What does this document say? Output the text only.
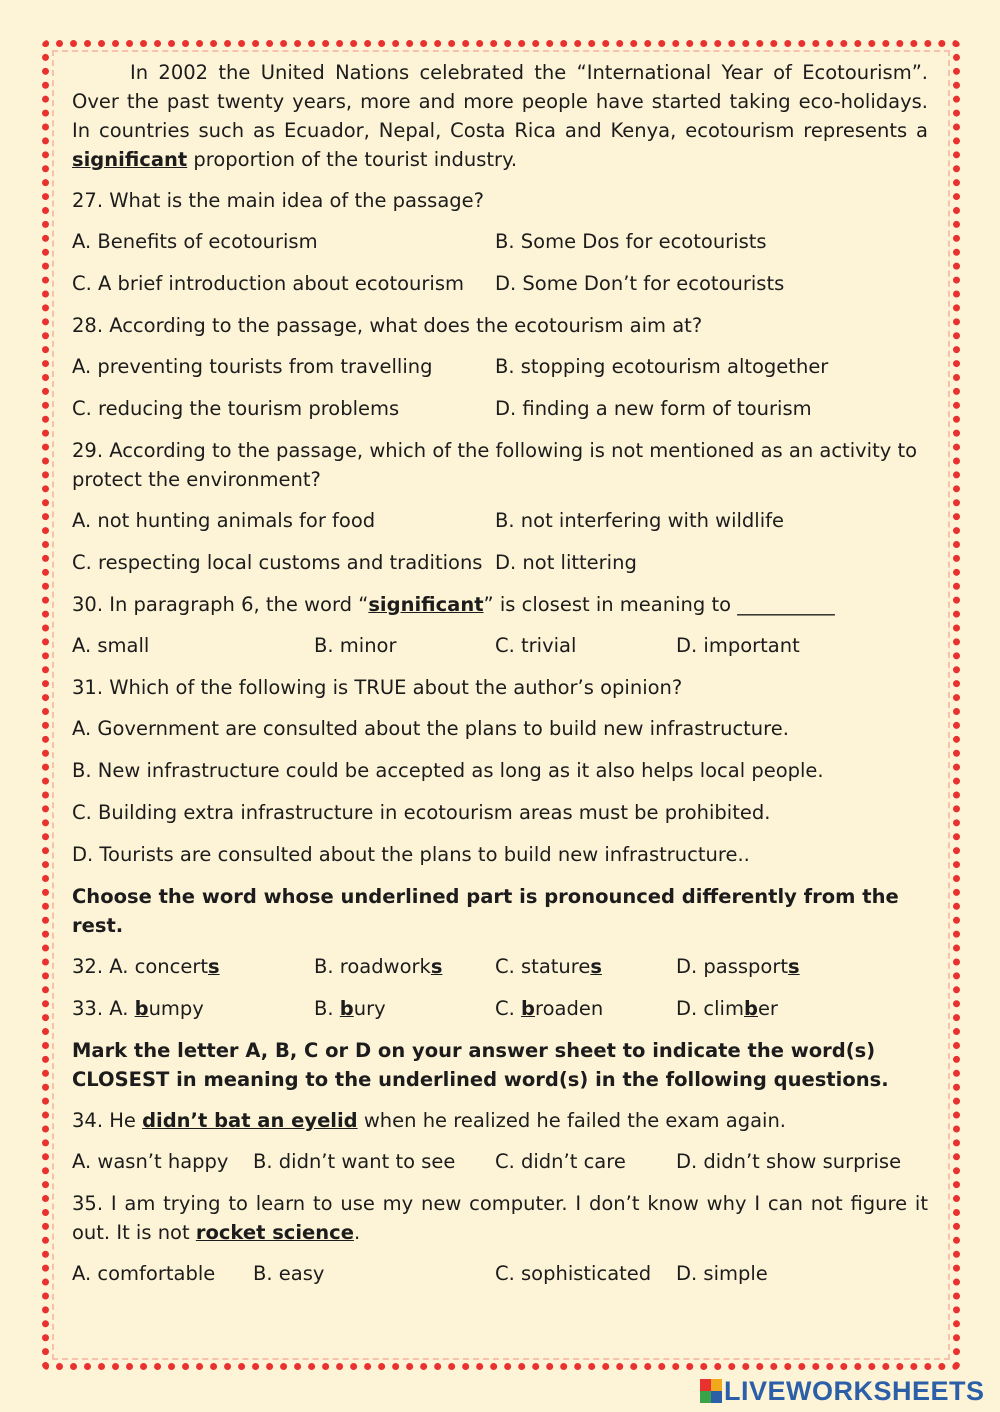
In 2002 the United Nations celebrated the “International Year of Ecotourism”. Over the past twenty years, more and more people have started taking eco-holidays. In countries such as Ecuador, Nepal, Costa Rica and Kenya, ecotourism represents a significant proportion of the tourist industry.

27. What is the main idea of the passage?
A. Benefits of ecotourism	B. Some Dos for ecotourists
C. A brief introduction about ecotourism	D. Some Don’t for ecotourists
28. According to the passage, what does the ecotourism aim at?
A. preventing tourists from travelling	B. stopping ecotourism altogether
C. reducing the tourism problems	D. finding a new form of tourism
29. According to the passage, which of the following is not mentioned as an activity to protect the environment?
A. not hunting animals for food	B. not interfering with wildlife
C. respecting local customs and traditions D. not littering
30. In paragraph 6, the word “significant” is closest in meaning to __________
A. small	B. minor	C. trivial	D. important
31. Which of the following is TRUE about the author’s opinion?
A. Government are consulted about the plans to build new infrastructure.
B. New infrastructure could be accepted as long as it also helps local people.
C. Building extra infrastructure in ecotourism areas must be prohibited.
D. Tourists are consulted about the plans to build new infrastructure..
Choose the word whose underlined part is pronounced differently from the rest.
32. A. concerts	B. roadworks	C. statures	D. passports
33. A. bumpy	B. bury	C. broaden	D. climber
Mark the letter A, B, C or D on your answer sheet to indicate the word(s) CLOSEST in meaning to the underlined word(s) in the following questions.
34. He didn’t bat an eyelid when he realized he failed the exam again.
A. wasn’t happy	B. didn’t want to see	C. didn’t care	D. didn’t show surprise
35. I am trying to learn to use my new computer. I don’t know why I can not figure it out. It is not rocket science.
A. comfortable	B. easy	C. sophisticated	D. simple
LIVEWORKSHEETS
